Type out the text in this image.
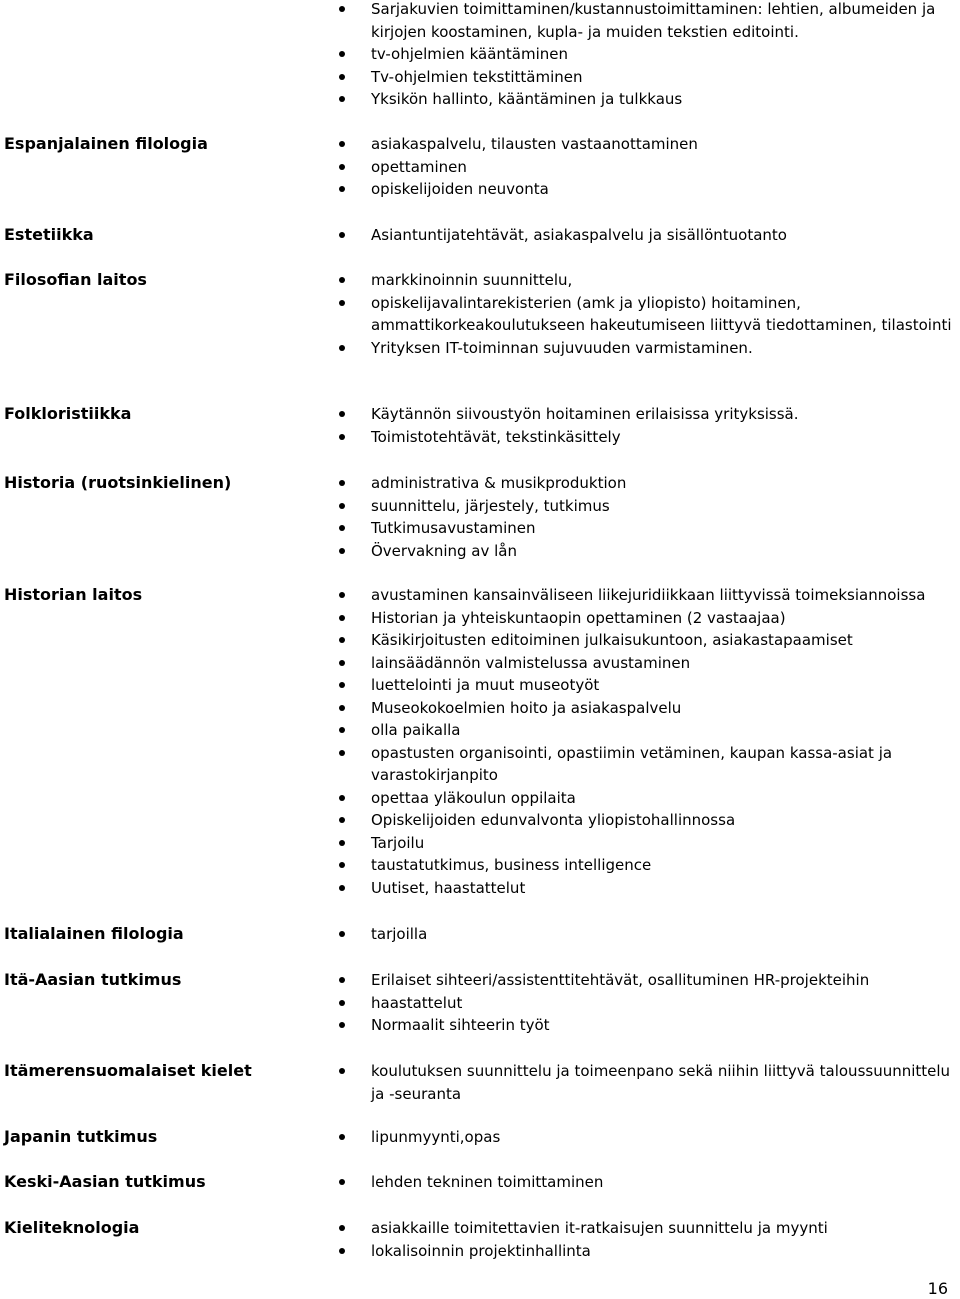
Sarjakuvien toimittaminen/kustannustoimittaminen: lehtien, albumeiden ja kirjojen koostaminen, kupla- ja muiden tekstien editointi.
tv-ohjelmien kääntäminen
Tv-ohjelmien tekstittäminen
Yksikön hallinto, kääntäminen ja tulkkaus
Espanjalainen filologia	asiakaspalvelu, tilausten vastaanottaminen
opettaminen
opiskelijoiden neuvonta
Estetiikka	Asiantuntijatehtävät, asiakaspalvelu ja sisällöntuotanto
Filosofian laitos	markkinoinnin suunnittelu,
opiskelijavalintarekisterien (amk ja yliopisto) hoitaminen, ammattikorkeakoulutukseen hakeutumiseen liittyvä tiedottaminen, tilastointi
Yrityksen IT-toiminnan sujuvuuden varmistaminen.
Folkloristiikka	Käytännön siivoustyön hoitaminen erilaisissa yrityksissä.
Toimistotehtävät, tekstinkäsittely
Historia (ruotsinkielinen)	administrativa & musikproduktion
suunnittelu, järjestely, tutkimus
Tutkimusavustaminen
Övervakning av lån
Historian laitos	avustaminen kansainväliseen liikejuridiikkaan liittyvissä toimeksiannoissa
Historian ja yhteiskuntaopin opettaminen (2 vastaajaa)
Käsikirjoitusten editoiminen julkaisukuntoon, asiakastapaamiset
lainsäädännön valmistelussa avustaminen
luettelointi ja muut museotyöt
Museokokoelmien hoito ja asiakaspalvelu
olla paikalla
opastusten organisointi, opastiimin vetäminen, kaupan kassa-asiat ja varastokirjanpito
opettaa yläkoulun oppilaita
Opiskelijoiden edunvalvonta yliopistohallinnossa
Tarjoilu
taustatutkimus, business intelligence
Uutiset, haastattelut
Italialainen filologia	tarjoilla
Itä-Aasian tutkimus	Erilaiset sihteeri/assistenttitehtävät, osallituminen HR-projekteihin
haastattelut
Normaalit sihteerin työt
Itämerensuomalaiset kielet	koulutuksen suunnittelu ja toimeenpano sekä niihin liittyvä taloussuunnittelu ja -seuranta
Japanin tutkimus	lipunmyynti,opas
Keski-Aasian tutkimus	lehden tekninen toimittaminen
Kieliteknologia	asiakkaille toimitettavien it-ratkaisujen suunnittelu ja myynti
lokalisoinnin projektinhallinta
16
